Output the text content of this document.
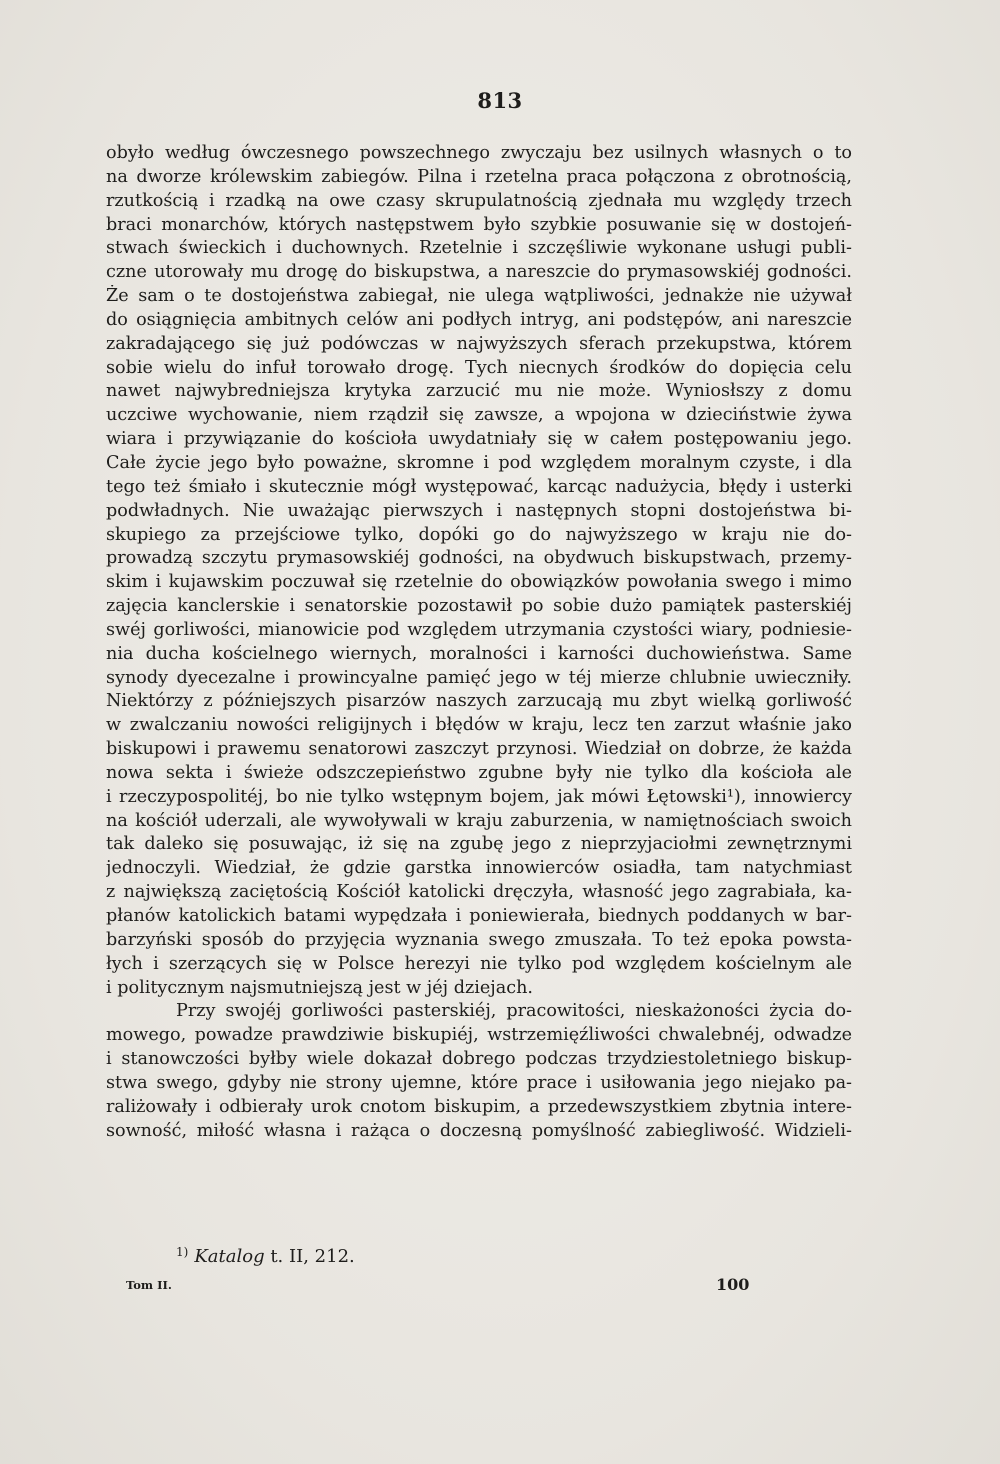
813
obyło według ówczesnego powszechnego zwyczaju bez usilnych własnych o to
na dworze królewskim zabiegów. Pilna i rzetelna praca połączona z obrotnością,
rzutkością i rzadką na owe czasy skrupulatnością zjednała mu względy trzech
braci monarchów, których następstwem było szybkie posuwanie się w dostojeń-
stwach świeckich i duchownych. Rzetelnie i szczęśliwie wykonane usługi publi-
czne utorowały mu drogę do biskupstwa, a nareszcie do prymasowskiéj godności.
Że sam o te dostojeństwa zabiegał, nie ulega wątpliwości, jednakże nie używał
do osiągnięcia ambitnych celów ani podłych intryg, ani podstępów, ani nareszcie
zakradającego się już podówczas w najwyższych sferach przekupstwa, którem
sobie wielu do infuł torowało drogę. Tych niecnych środków do dopięcia celu
nawet najwybredniejsza krytyka zarzucić mu nie może. Wyniosłszy z domu
uczciwe wychowanie, niem rządził się zawsze, a wpojona w dzieciństwie żywa
wiara i przywiązanie do kościoła uwydatniały się w całem postępowaniu jego.
Całe życie jego było poważne, skromne i pod względem moralnym czyste, i dla
tego też śmiało i skutecznie mógł występować, karcąc nadużycia, błędy i usterki
podwładnych. Nie uważając pierwszych i następnych stopni dostojeństwa bi-
skupiego za przejściowe tylko, dopóki go do najwyższego w kraju nie do-
prowadzą szczytu prymasowskiéj godności, na obydwuch biskupstwach, przemy-
skim i kujawskim poczuwał się rzetelnie do obowiązków powołania swego i mimo
zajęcia kanclerskie i senatorskie pozostawił po sobie dużo pamiątek pasterskiéj
swéj gorliwości, mianowicie pod względem utrzymania czystości wiary, podniesie-
nia ducha kościelnego wiernych, moralności i karności duchowieństwa. Same
synody dyecezalne i prowincyalne pamięć jego w téj mierze chlubnie uwieczniły.
Niektórzy z późniejszych pisarzów naszych zarzucają mu zbyt wielką gorliwość
w zwalczaniu nowości religijnych i błędów w kraju, lecz ten zarzut właśnie jako
biskupowi i prawemu senatorowi zaszczyt przynosi. Wiedział on dobrze, że każda
nowa sekta i świeże odszczepieństwo zgubne były nie tylko dla kościoła ale
i rzeczypospolitéj, bo nie tylko wstępnym bojem, jak mówi Łętowski¹), innowiercy
na kościół uderzali, ale wywoływali w kraju zaburzenia, w namiętnościach swoich
tak daleko się posuwając, iż się na zgubę jego z nieprzyjaciołmi zewnętrznymi
jednoczyli. Wiedział, że gdzie garstka innowierców osiadła, tam natychmiast
z największą zaciętością Kościół katolicki dręczyła, własność jego zagrabiała, ka-
płanów katolickich batami wypędzała i poniewierała, biednych poddanych w bar-
barzyński sposób do przyjęcia wyznania swego zmuszała. To też epoka powsta-
łych i szerzących się w Polsce herezyi nie tylko pod względem kościelnym ale
i politycznym najsmutniejszą jest w jéj dziejach.
Przy swojéj gorliwości pasterskiéj, pracowitości, nieskażoności życia do-
mowego, powadze prawdziwie biskupiéj, wstrzemięźliwości chwalebnéj, odwadze
i stanowczości byłby wiele dokazał dobrego podczas trzydziestoletniego biskup-
stwa swego, gdyby nie strony ujemne, które prace i usiłowania jego niejako pa-
raliżowały i odbierały urok cnotom biskupim, a przedewszystkiem zbytnia intere-
sowność, miłość własna i rażąca o doczesną pomyślność zabiegliwość. Widzieli-
$^{1)}$ Katalog t. II, 212.
Tom II.	100
